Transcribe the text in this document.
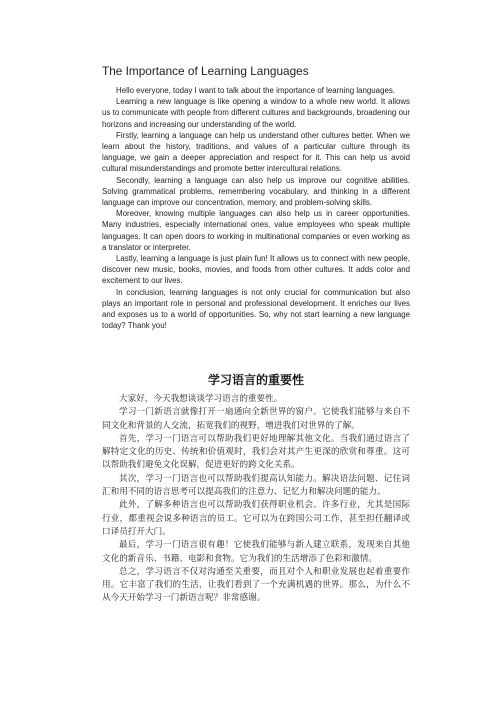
The Importance of Learning Languages

Hello everyone, today I want to talk about the importance of learning languages.

Learning a new language is like opening a window to a whole new world. It allows us to communicate with people from different cultures and backgrounds, broadening our horizons and increasing our understanding of the world.

Firstly, learning a language can help us understand other cultures better. When we learn about the history, traditions, and values of a particular culture through its language, we gain a deeper appreciation and respect for it. This can help us avoid cultural misunderstandings and promote better intercultural relations.

Secondly, learning a language can also help us improve our cognitive abilities. Solving grammatical problems, remembering vocabulary, and thinking in a different language can improve our concentration, memory, and problem-solving skills.

Moreover, knowing multiple languages can also help us in career opportunities. Many industries, especially international ones, value employees who speak multiple languages. It can open doors to working in multinational companies or even working as a translator or interpreter.

Lastly, learning a language is just plain fun! It allows us to connect with new people, discover new music, books, movies, and foods from other cultures. It adds color and excitement to our lives.

In conclusion, learning languages is not only crucial for communication but also plays an important role in personal and professional development. It enriches our lives and exposes us to a world of opportunities. So, why not start learning a new language today? Thank you!

学习语言的重要性

大家好，今天我想谈谈学习语言的重要性。

学习一门新语言就像打开一扇通向全新世界的窗户。它使我们能够与来自不同文化和背景的人交流，拓宽我们的视野，增进我们对世界的了解。

首先，学习一门语言可以帮助我们更好地理解其他文化。当我们通过语言了解特定文化的历史、传统和价值观时，我们会对其产生更深的欣赏和尊重。这可以帮助我们避免文化误解，促进更好的跨文化关系。

其次，学习一门语言也可以帮助我们提高认知能力。解决语法问题、记住词汇和用不同的语言思考可以提高我们的注意力、记忆力和解决问题的能力。

此外，了解多种语言也可以帮助我们获得职业机会。许多行业，尤其是国际行业，都重视会说多种语言的员工。它可以为在跨国公司工作，甚至担任翻译或口译员打开大门。

最后，学习一门语言很有趣！它使我们能够与新人建立联系，发现来自其他文化的新音乐、书籍、电影和食物。它为我们的生活增添了色彩和激情。

总之，学习语言不仅对沟通至关重要，而且对个人和职业发展也起着重要作用。它丰富了我们的生活，让我们看到了一个充满机遇的世界。那么，为什么不从今天开始学习一门新语言呢？非常感谢。
